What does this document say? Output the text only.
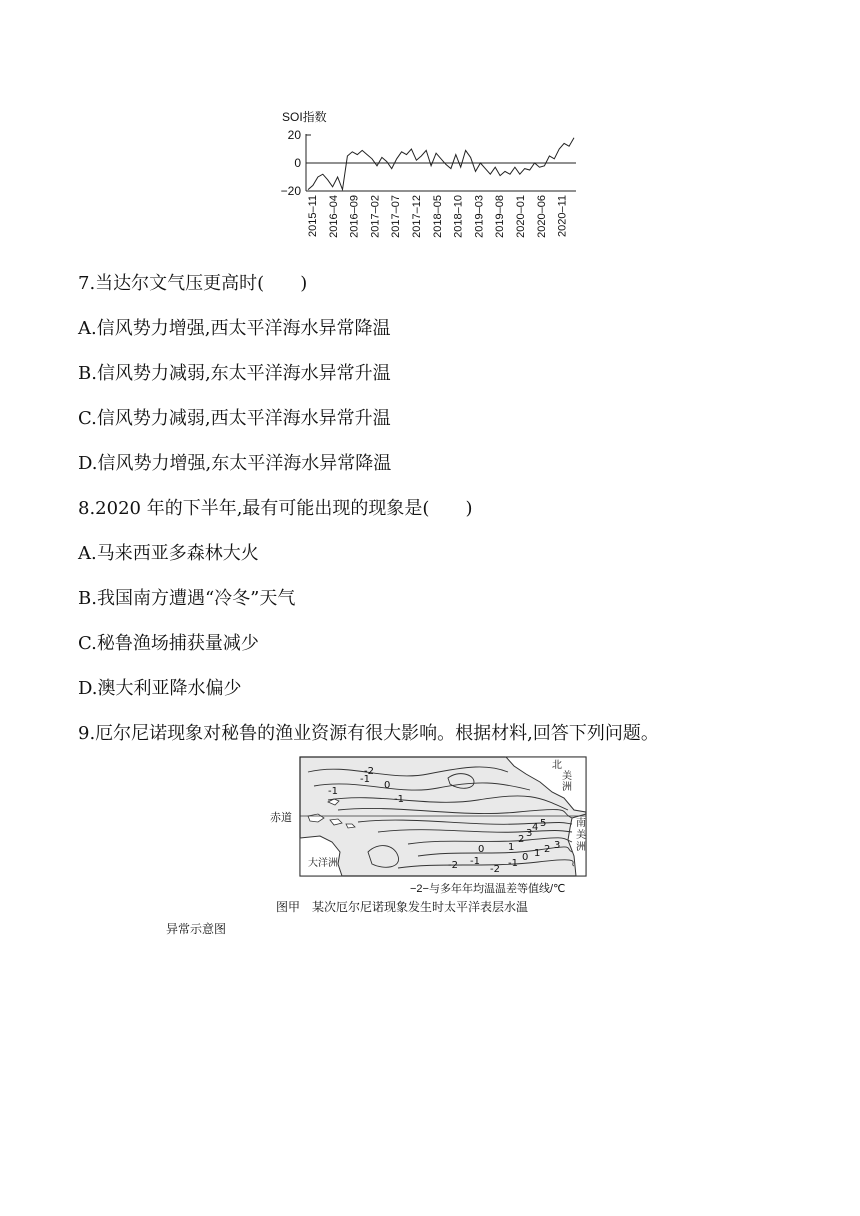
SOI指数
20
0
−20
2015–11 2016–04 2016–09 2017–02 2017–07 2017–12 2018–05 2018–10 2019–03 2019–08 2020–01 2020–06 2020–11
7.当达尔文气压更高时(　　)
A.信风势力增强,西太平洋海水异常降温
B.信风势力减弱,东太平洋海水异常升温
C.信风势力减弱,西太平洋海水异常升温
D.信风势力增强,东太平洋海水异常降温
8.2020 年的下半年,最有可能出现的现象是(　　)
A.马来西亚多森林大火
B.我国南方遭遇“冷冬”天气
C.秘鲁渔场捕获量减少
D.澳大利亚降水偏少
9.厄尔尼诺现象对秘鲁的渔业资源有很大影响。根据材料,回答下列问题。
赤道
-1
0
-1
-2
-1
0 1
2
3
4 5
-2 -1
-2
-1
0 1 2 3
北
美
洲
南
美
洲
大洋洲
−2−与多年年均温温差等值线/℃
图甲　某次厄尔尼诺现象发生时太平洋表层水温
异常示意图
